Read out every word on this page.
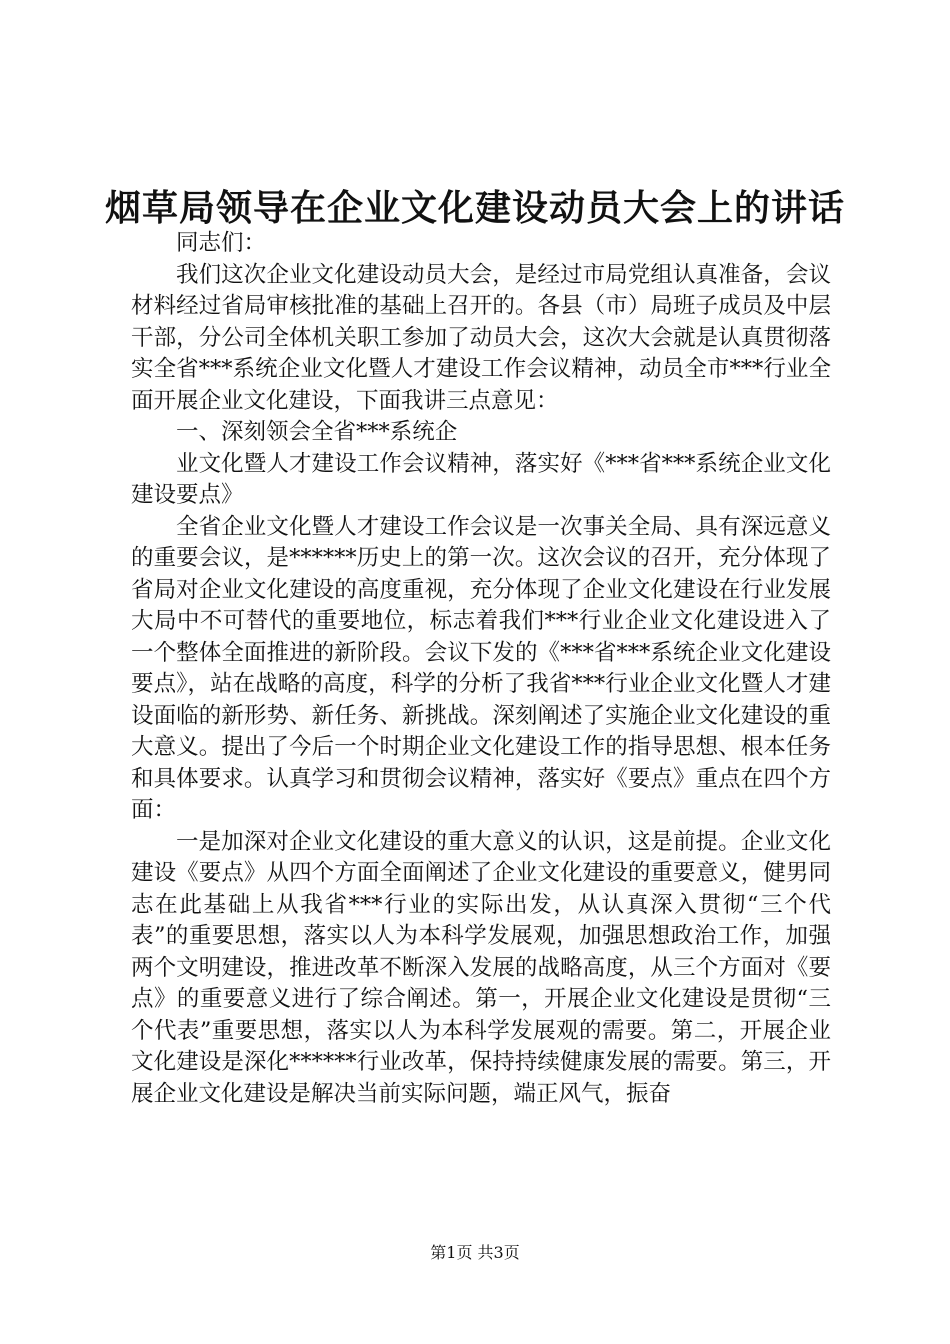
烟草局领导在企业文化建设动员大会上的讲话

同志们：

我们这次企业文化建设动员大会，是经过市局党组认真准备，会议材料经过省局审核批准的基础上召开的。各县（市）局班子成员及中层干部，分公司全体机关职工参加了动员大会，这次大会就是认真贯彻落实全省***系统企业文化暨人才建设工作会议精神，动员全市***行业全面开展企业文化建设，下面我讲三点意见：

一、深刻领会全省***系统企

业文化暨人才建设工作会议精神，落实好《***省***系统企业文化建设要点》

全省企业文化暨人才建设工作会议是一次事关全局、具有深远意义的重要会议，是******历史上的第一次。这次会议的召开，充分体现了省局对企业文化建设的高度重视，充分体现了企业文化建设在行业发展大局中不可替代的重要地位，标志着我们***行业企业文化建设进入了一个整体全面推进的新阶段。会议下发的《***省***系统企业文化建设要点》，站在战略的高度，科学的分析了我省***行业企业文化暨人才建设面临的新形势、新任务、新挑战。深刻阐述了实施企业文化建设的重大意义。提出了今后一个时期企业文化建设工作的指导思想、根本任务和具体要求。认真学习和贯彻会议精神，落实好《要点》重点在四个方面：

一是加深对企业文化建设的重大意义的认识，这是前提。企业文化建设《要点》从四个方面全面阐述了企业文化建设的重要意义，健男同志在此基础上从我省***行业的实际出发，从认真深入贯彻“三个代表”的重要思想，落实以人为本科学发展观，加强思想政治工作，加强两个文明建设，推进改革不断深入发展的战略高度，从三个方面对《要点》的重要意义进行了综合阐述。第一，开展企业文化建设是贯彻“三个代表”重要思想，落实以人为本科学发展观的需要。第二，开展企业文化建设是深化******行业改革，保持持续健康发展的需要。第三，开展企业文化建设是解决当前实际问题，端正风气，振奋

第1页 共3页
